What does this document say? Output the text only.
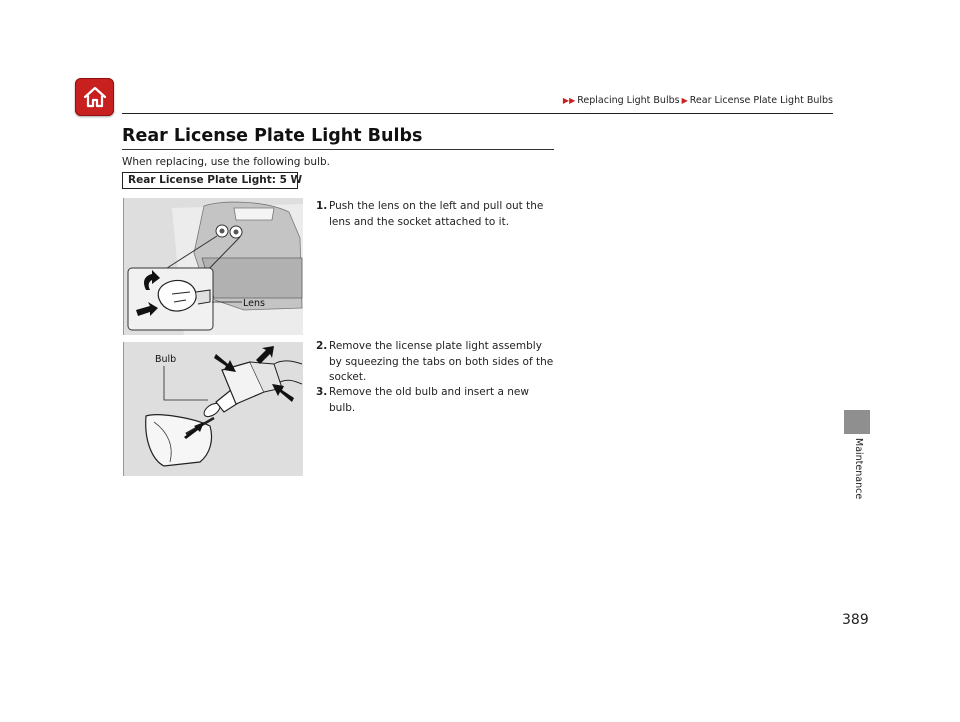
▶▶ Replacing Light Bulbs ▶ Rear License Plate Light Bulbs
Rear License Plate Light Bulbs
When replacing, use the following bulb.
Rear License Plate Light: 5 W
Lens
Bulb
1. Push the lens on the left and pull out the lens and the socket attached to it.
2. Remove the license plate light assembly by squeezing the tabs on both sides of the socket.
3. Remove the old bulb and insert a new bulb.
Maintenance
389
